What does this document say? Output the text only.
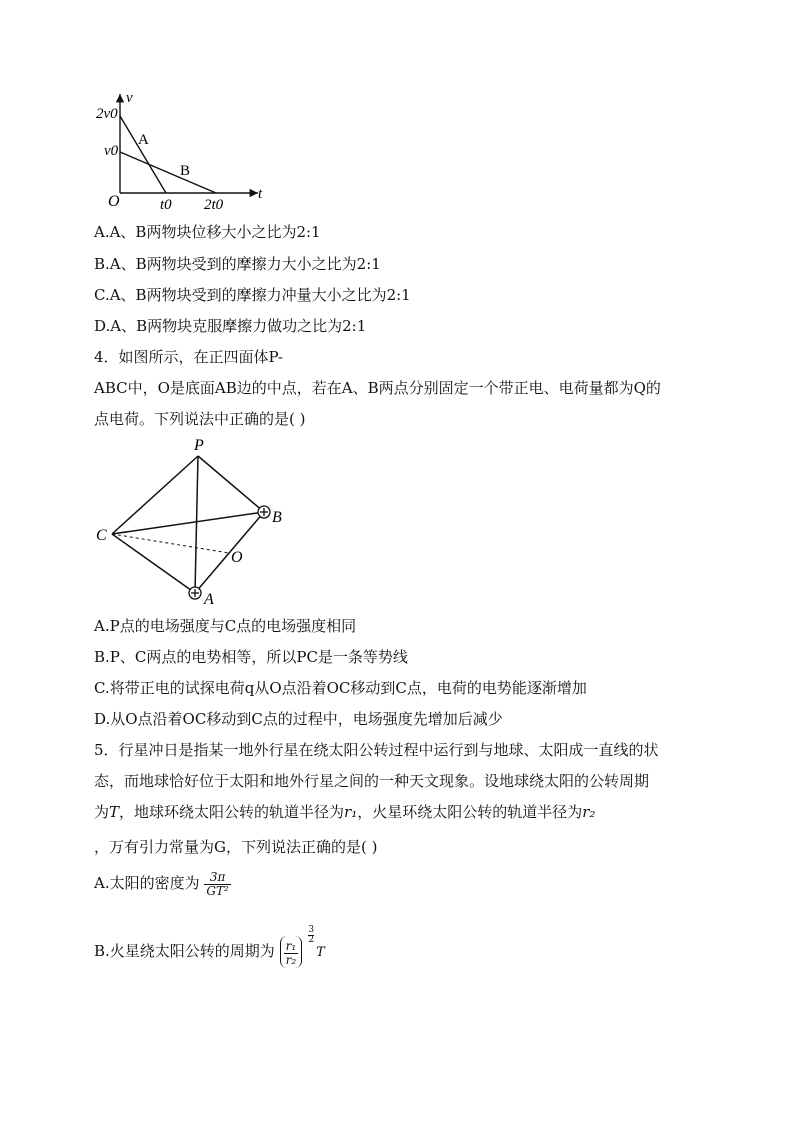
v
t
O
2v0
v0
t0 2t0
A
B
A.A、B两物块位移大小之比为2:1
B.A、B两物块受到的摩擦力大小之比为2:1
C.A、B两物块受到的摩擦力冲量大小之比为2:1
D.A、B两物块克服摩擦力做功之比为2:1
4．如图所示，在正四面体P-
ABC中，O是底面AB边的中点，若在A、B两点分别固定一个带正电、电荷量都为Q的
点电荷。下列说法中正确的是( )
P
B
C
O
A
A.P点的电场强度与C点的电场强度相同
B.P、C两点的电势相等，所以PC是一条等势线
C.将带正电的试探电荷q从O点沿着OC移动到C点，电荷的电势能逐渐增加
D.从O点沿着OC移动到C点的过程中，电场强度先增加后减少
5．行星冲日是指某一地外行星在绕太阳公转过程中运行到与地球、太阳成一直线的状
态，而地球恰好位于太阳和地外行星之间的一种天文现象。设地球绕太阳的公转周期
为T，地球环绕太阳公转的轨道半径为r₁，火星环绕太阳公转的轨道半径为r₂
，万有引力常量为G，下列说法正确的是( )
A.太阳的密度为 $\frac{3\pi}{\text{GT²}}$
B.火星绕太阳公转的周期为 $\frac{\text{r₁}}{\text{r₂}}$
3
2
T
